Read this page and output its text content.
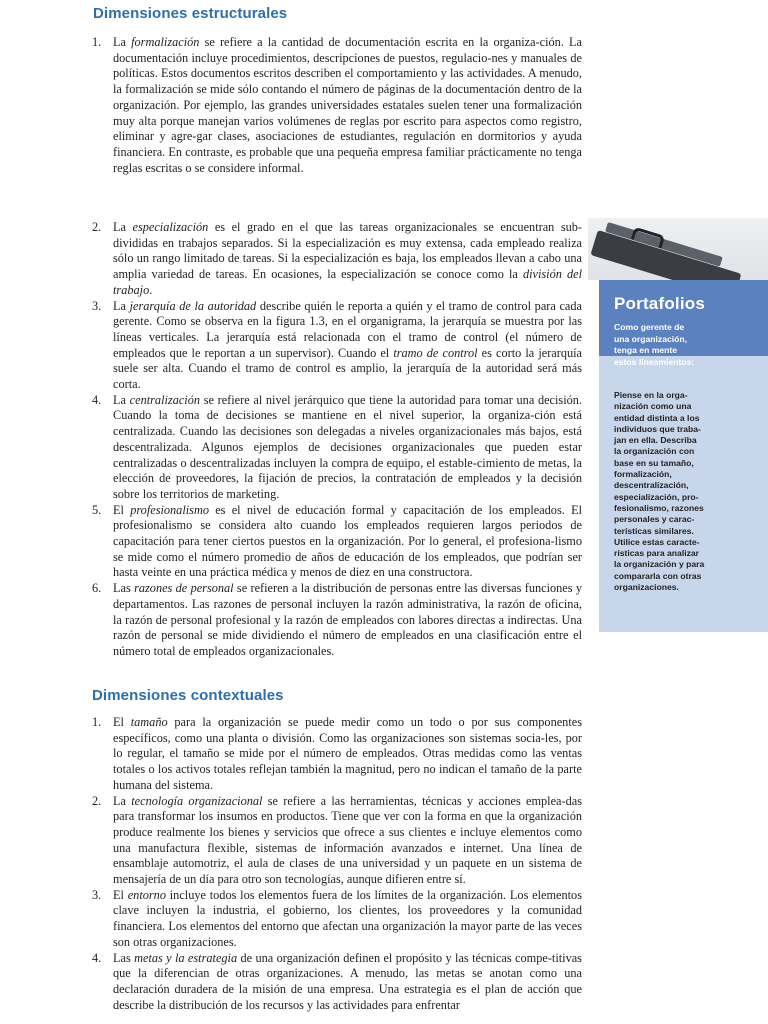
Dimensiones estructurales
1. La formalización se refiere a la cantidad de documentación escrita en la organiza-​ción. La documentación incluye procedimientos, descripciones de puestos, regulacio-​nes y manuales de políticas. Estos documentos escritos describen el comportamiento y las actividades. A menudo, la formalización se mide sólo contando el número de páginas de la documentación dentro de la organización. Por ejemplo, las grandes universidades estatales suelen tener una formalización muy alta porque manejan varios volúmenes de reglas por escrito para aspectos como registro, eliminar y agre-​gar clases, asociaciones de estudiantes, regulación en dormitorios y ayuda financiera. En contraste, es probable que una pequeña empresa familiar prácticamente no tenga reglas escritas o se considere informal.
2. La especialización es el grado en el que las tareas organizacionales se encuentran sub-​divididas en trabajos separados. Si la especialización es muy extensa, cada empleado realiza sólo un rango limitado de tareas. Si la especialización es baja, los empleados llevan a cabo una amplia variedad de tareas. En ocasiones, la especialización se conoce como la división del trabajo.
3. La jerarquía de la autoridad describe quién le reporta a quién y el tramo de control para cada gerente. Como se observa en la figura 1.3, en el organigrama, la jerarquía se muestra por las líneas verticales. La jerarquía está relacionada con el tramo de control (el número de empleados que le reportan a un supervisor). Cuando el tramo de control es corto la jerarquía suele ser alta. Cuando el tramo de control es amplio, la jerarquía de la autoridad será más corta.
4. La centralización se refiere al nivel jerárquico que tiene la autoridad para tomar una decisión. Cuando la toma de decisiones se mantiene en el nivel superior, la organiza-​ción está centralizada. Cuando las decisiones son delegadas a niveles organizacionales más bajos, está descentralizada. Algunos ejemplos de decisiones organizacionales que pueden estar centralizadas o descentralizadas incluyen la compra de equipo, el estable-​cimiento de metas, la elección de proveedores, la fijación de precios, la contratación de empleados y la decisión sobre los territorios de marketing.
5. El profesionalismo es el nivel de educación formal y capacitación de los empleados. El profesionalismo se considera alto cuando los empleados requieren largos periodos de capacitación para tener ciertos puestos en la organización. Por lo general, el profesiona-​lismo se mide como el número promedio de años de educación de los empleados, que podrían ser hasta veinte en una práctica médica y menos de diez en una constructora.
6. Las razones de personal se refieren a la distribución de personas entre las diversas funciones y departamentos. Las razones de personal incluyen la razón administrativa, la razón de oficina, la razón de personal profesional y la razón de empleados con labores directas a indirectas. Una razón de personal se mide dividiendo el número de empleados en una clasificación entre el número total de empleados organizacionales.
Dimensiones contextuales
1. El tamaño para la organización se puede medir como un todo o por sus componentes específicos, como una planta o división. Como las organizaciones son sistemas socia-​les, por lo regular, el tamaño se mide por el número de empleados. Otras medidas como las ventas totales o los activos totales reflejan también la magnitud, pero no indican el tamaño de la parte humana del sistema.
2. La tecnología organizacional se refiere a las herramientas, técnicas y acciones emplea-​das para transformar los insumos en productos. Tiene que ver con la forma en que la organización produce realmente los bienes y servicios que ofrece a sus clientes e incluye elementos como una manufactura flexible, sistemas de información avanzados e internet. Una línea de ensamblaje automotriz, el aula de clases de una universidad y un paquete en un sistema de mensajería de un día para otro son tecnologías, aunque difieren entre sí.
3. El entorno incluye todos los elementos fuera de los límites de la organización. Los elementos clave incluyen la industria, el gobierno, los clientes, los proveedores y la comunidad financiera. Los elementos del entorno que afectan una organización la mayor parte de las veces son otras organizaciones.
4. Las metas y la estrategia de una organización definen el propósito y las técnicas compe-​titivas que la diferencian de otras organizaciones. A menudo, las metas se anotan como una declaración duradera de la misión de una empresa. Una estrategia es el plan de acción que describe la distribución de los recursos y las actividades para enfrentar
Portafolios
Como gerente de
una organización,
tenga en mente
estos lineamientos:
Piense en la orga-
nización como una
entidad distinta a los
individuos que traba-
jan en ella. Describa
la organización con
base en su tamaño,
formalización,
descentralización,
especialización, pro-
fesionalismo, razones
personales y carac-
terísticas similares.
Utilice estas caracte-
rísticas para analizar
la organización y para
compararla con otras
organizaciones.
